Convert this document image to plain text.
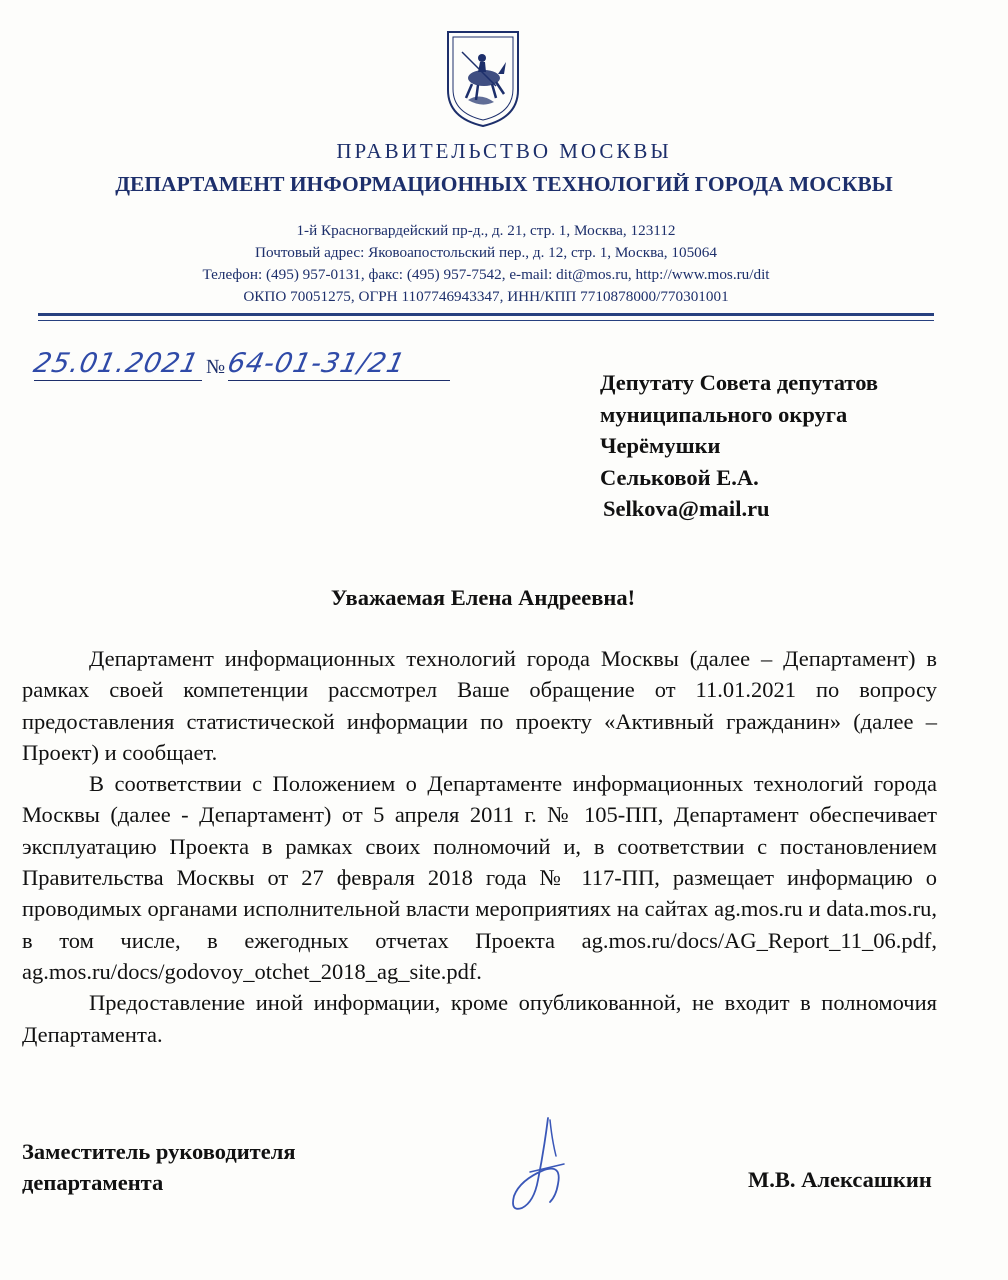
ПРАВИТЕЛЬСТВО МОСКВЫ
ДЕПАРТАМЕНТ ИНФОРМАЦИОННЫХ ТЕХНОЛОГИЙ ГОРОДА МОСКВЫ
1-й Красногвардейский пр-д., д. 21, стр. 1, Москва, 123112
Почтовый адрес: Яковоапостольский пер., д. 12, стр. 1, Москва, 105064
Телефон: (495) 957-0131, факс: (495) 957-7542, e-mail: dit@mos.ru, http://www.mos.ru/dit
ОКПО 70051275, ОГРН 1107746943347, ИНН/КПП 7710878000/770301001
25.01.2021 № 64-01-31/21
Депутату Совета депутатов
муниципального округа
Черёмушки
Сельковой Е.А.
Selkova@mail.ru
Уважаемая Елена Андреевна!

Департамент информационных технологий города Москвы (далее – Департамент) в рамках своей компетенции рассмотрел Ваше обращение от 11.01.2021 по вопросу предоставления статистической информации по проекту «Активный гражданин» (далее – Проект) и сообщает.

В соответствии с Положением о Департаменте информационных технологий города Москвы (далее - Департамент) от 5 апреля 2011 г. № 105-ПП, Департамент обеспечивает эксплуатацию Проекта в рамках своих полномочий и, в соответствии с постановлением Правительства Москвы от 27 февраля 2018 года № 117-ПП, размещает информацию о проводимых органами исполнительной власти мероприятиях на сайтах ag.mos.ru и data.mos.ru, в том числе, в ежегодных отчетах Проекта ag.mos.ru/docs/AG_Report_11_06.pdf, ag.mos.ru/docs/godovoy_otchet_2018_ag_site.pdf.

Предоставление иной информации, кроме опубликованной, не входит в полномочия Департамента.

Заместитель руководителя
департамента	М.В. Алексашкин
